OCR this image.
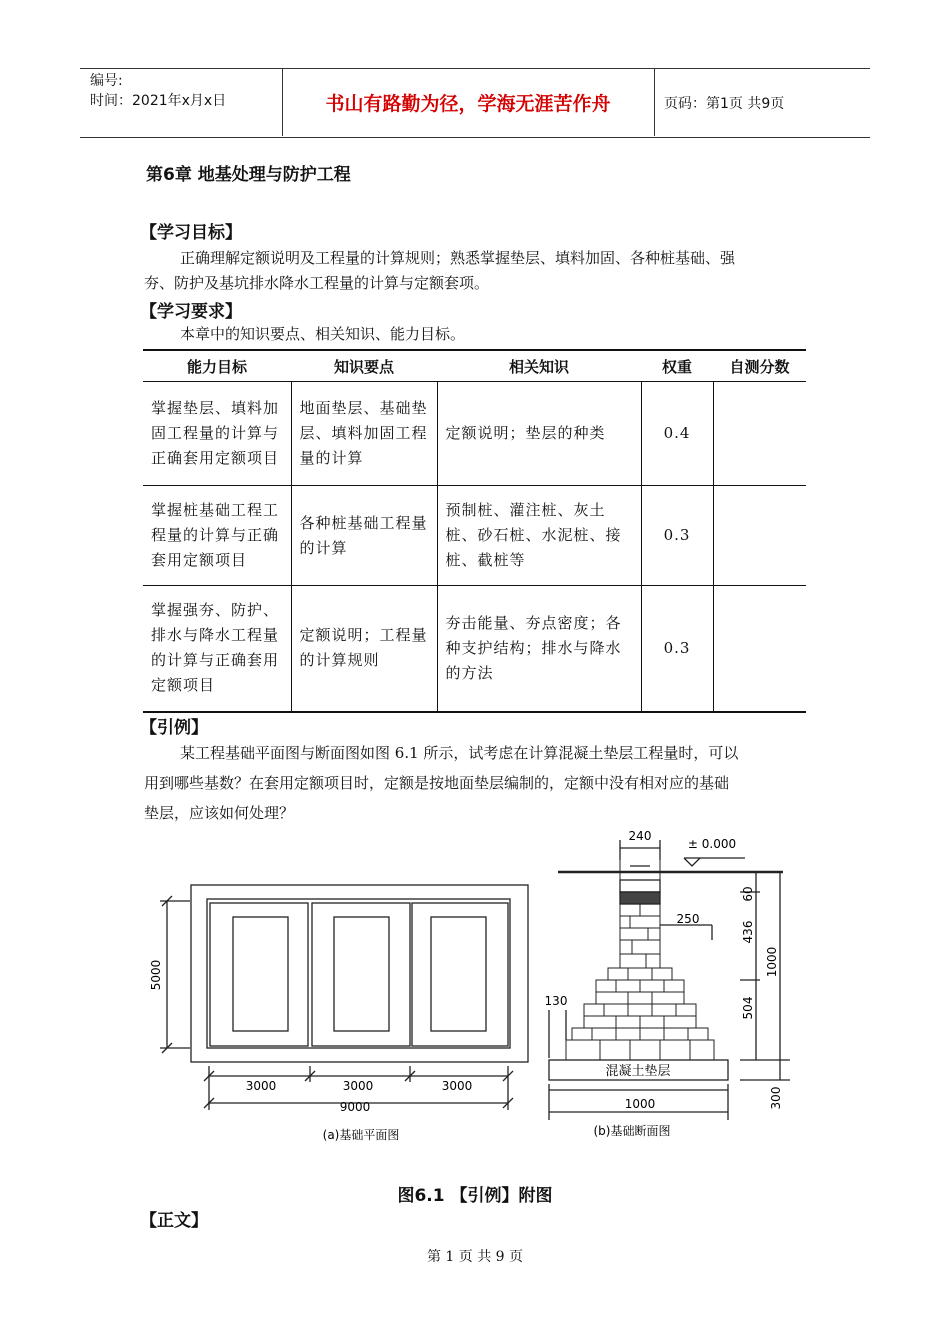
编号:
时间：2021年x月x日	书山有路勤为径，学海无涯苦作舟	页码：第1页 共9页
第6章 地基处理与防护工程
【学习目标】
正确理解定额说明及工程量的计算规则；熟悉掌握垫层、填料加固、各种桩基础、强
夯、防护及基坑排水降水工程量的计算与定额套项。
【学习要求】
本章中的知识要点、相关知识、能力目标。
能力目标	知识要点	相关知识	权重	自测分数
掌握垫层、填料加固工程量的计算与正确套用定额项目	地面垫层、基础垫层、填料加固工程量的计算	定额说明；垫层的种类	0.4	
掌握桩基础工程工程量的计算与正确套用定额项目	各种桩基础工程量的计算	预制桩、灌注桩、灰土桩、砂石桩、水泥桩、接桩、截桩等	0.3	
掌握强夯、防护、排水与降水工程量的计算与正确套用定额项目	定额说明；工程量的计算规则	夯击能量、夯点密度；各种支护结构；排水与降水的方法	0.3	
【引例】
某工程基础平面图与断面图如图 6.1 所示，试考虑在计算混凝土垫层工程量时，可以
用到哪些基数？在套用定额项目时，定额是按地面垫层编制的，定额中没有相对应的基础
垫层，应该如何处理？
5000
3000	3000	3000
9000
(a)基础平面图
240
± 0.000
250
130
60
436
1000
504
300
混凝土垫层
1000
(b)基础断面图
图6.1 【引例】附图
【正文】
第 1 页 共 9 页
